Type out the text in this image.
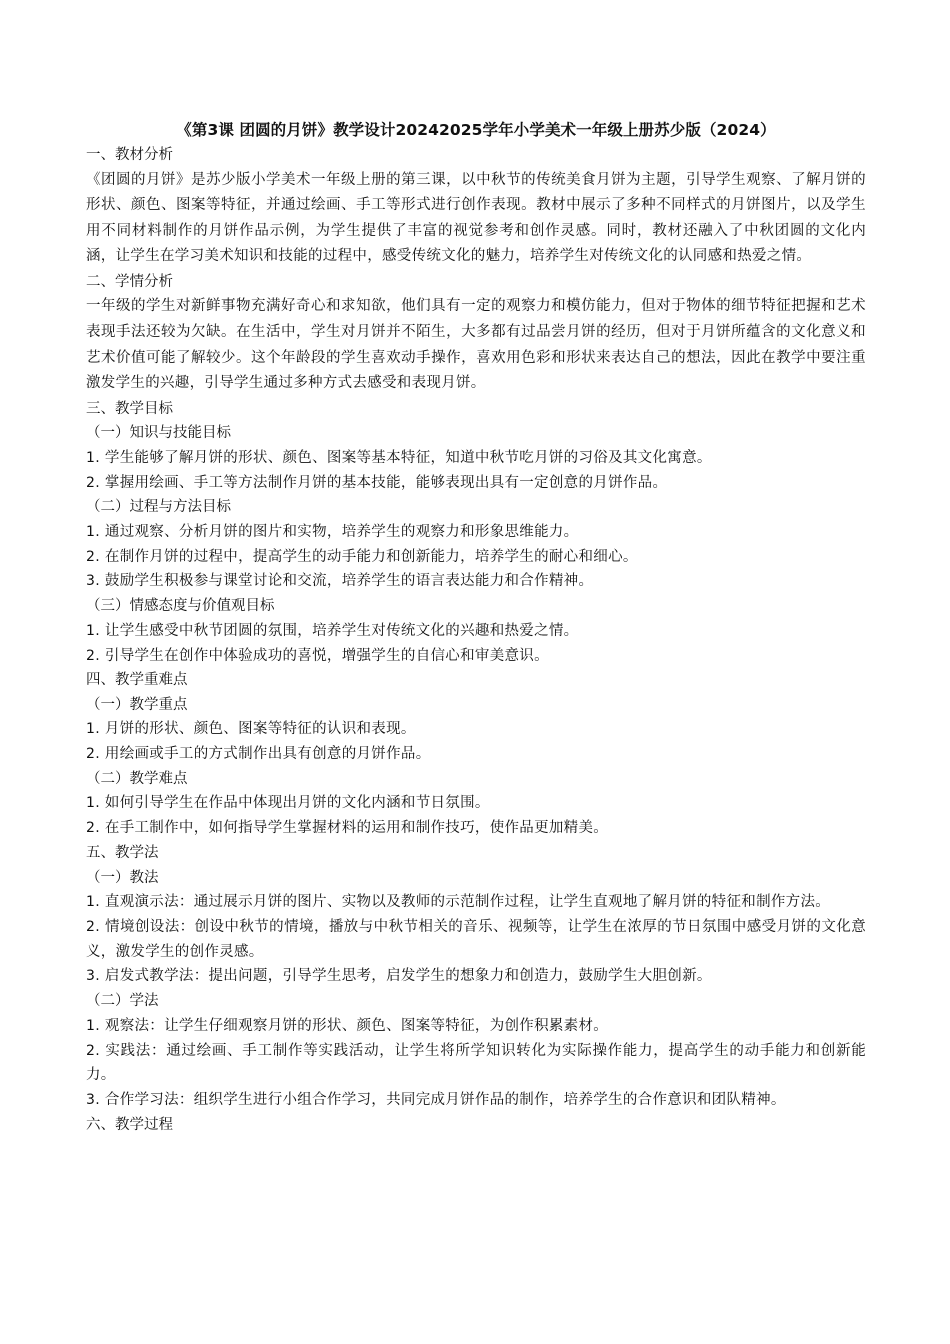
《第3课 团圆的月饼》教学设计20242025学年小学美术一年级上册苏少版（2024）

一、教材分析

《团圆的月饼》是苏少版小学美术一年级上册的第三课，以中秋节的传统美食月饼为主题，引导学生观察、了解月饼的形状、颜色、图案等特征，并通过绘画、手工等形式进行创作表现。教材中展示了多种不同样式的月饼图片，以及学生用不同材料制作的月饼作品示例，为学生提供了丰富的视觉参考和创作灵感。同时，教材还融入了中秋团圆的文化内涵，让学生在学习美术知识和技能的过程中，感受传统文化的魅力，培养学生对传统文化的认同感和热爱之情。

二、学情分析

一年级的学生对新鲜事物充满好奇心和求知欲，他们具有一定的观察力和模仿能力，但对于物体的细节特征把握和艺术表现手法还较为欠缺。在生活中，学生对月饼并不陌生，大多都有过品尝月饼的经历，但对于月饼所蕴含的文化意义和艺术价值可能了解较少。这个年龄段的学生喜欢动手操作，喜欢用色彩和形状来表达自己的想法，因此在教学中要注重激发学生的兴趣，引导学生通过多种方式去感受和表现月饼。

三、教学目标

（一）知识与技能目标

1. 学生能够了解月饼的形状、颜色、图案等基本特征，知道中秋节吃月饼的习俗及其文化寓意。

2. 掌握用绘画、手工等方法制作月饼的基本技能，能够表现出具有一定创意的月饼作品。

（二）过程与方法目标

1. 通过观察、分析月饼的图片和实物，培养学生的观察力和形象思维能力。

2. 在制作月饼的过程中，提高学生的动手能力和创新能力，培养学生的耐心和细心。

3. 鼓励学生积极参与课堂讨论和交流，培养学生的语言表达能力和合作精神。

（三）情感态度与价值观目标

1. 让学生感受中秋节团圆的氛围，培养学生对传统文化的兴趣和热爱之情。

2. 引导学生在创作中体验成功的喜悦，增强学生的自信心和审美意识。

四、教学重难点

（一）教学重点

1. 月饼的形状、颜色、图案等特征的认识和表现。

2. 用绘画或手工的方式制作出具有创意的月饼作品。

（二）教学难点

1. 如何引导学生在作品中体现出月饼的文化内涵和节日氛围。

2. 在手工制作中，如何指导学生掌握材料的运用和制作技巧，使作品更加精美。

五、教学法

（一）教法

1. 直观演示法：通过展示月饼的图片、实物以及教师的示范制作过程，让学生直观地了解月饼的特征和制作方法。

2. 情境创设法：创设中秋节的情境，播放与中秋节相关的音乐、视频等，让学生在浓厚的节日氛围中感受月饼的文化意义，激发学生的创作灵感。

3. 启发式教学法：提出问题，引导学生思考，启发学生的想象力和创造力，鼓励学生大胆创新。

（二）学法

1. 观察法：让学生仔细观察月饼的形状、颜色、图案等特征，为创作积累素材。

2. 实践法：通过绘画、手工制作等实践活动，让学生将所学知识转化为实际操作能力，提高学生的动手能力和创新能力。

3. 合作学习法：组织学生进行小组合作学习，共同完成月饼作品的制作，培养学生的合作意识和团队精神。

六、教学过程
